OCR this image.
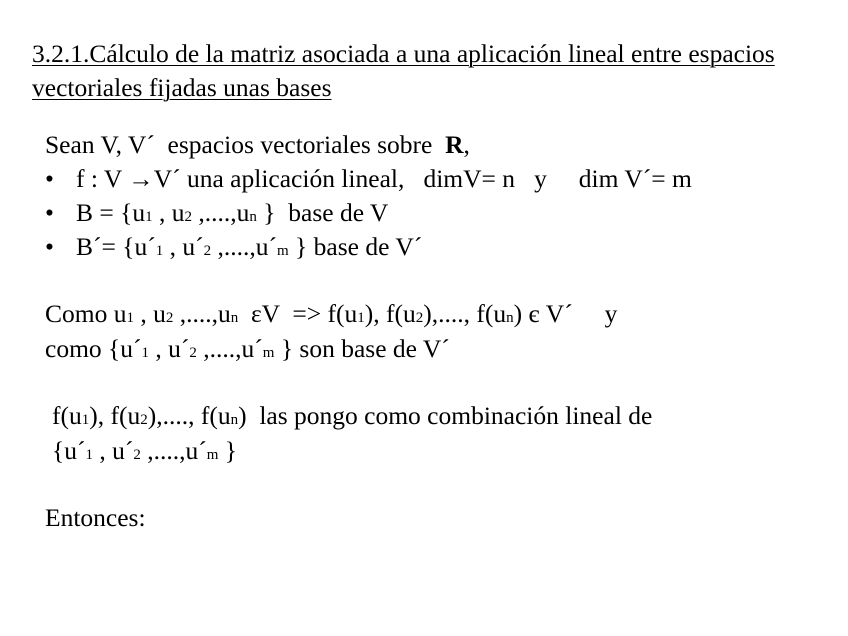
3.2.1.Cálculo de la matriz asociada a una aplicación lineal entre espacios vectoriales fijadas unas bases

Sean V, V´  espacios vectoriales sobre  R,

• f : V →V´ una aplicación lineal,   dimV= n   y     dim V´= m

• B = {u1 , u2 ,....,un }  base de V

• B´= {u´1 , u´2 ,....,u´m } base de V´

Como u1 , u2 ,....,un  εV  => f(u1), f(u2),...., f(un) є V´     y

como {u´1 , u´2 ,....,u´m } son base de V´

f(u1), f(u2),...., f(un)  las pongo como combinación lineal de

{u´1 , u´2 ,....,u´m }

Entonces:
